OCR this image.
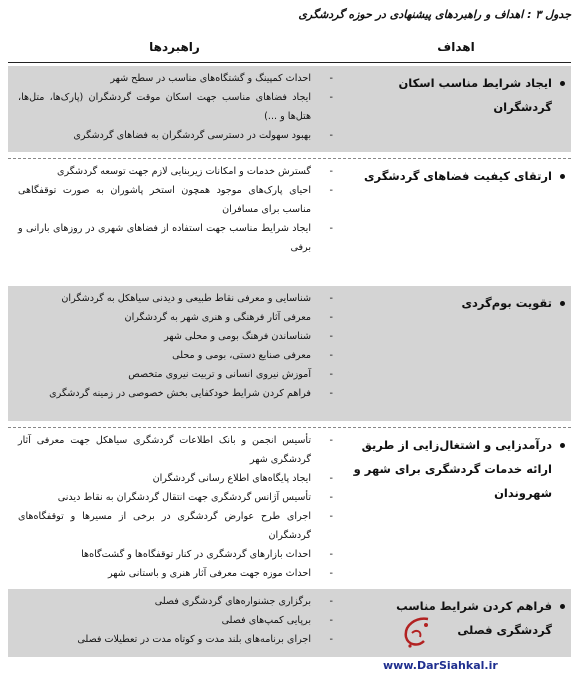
جدول ۳ : اهداف و راهبردهای پیشنهادی در حوزه گردشگری
اهداف
راهبردها
ایجاد شرایط مناسب اسکان گردشگران
-
احداث کمپینگ و گشتگاه‌های مناسب در سطح شهر
-
ایجاد فضاهای مناسب جهت اسکان موقت گردشگران (پارک‌ها، متل‌ها، هتل‌ها و ...)
-
بهبود سهولت در دسترسی گردشگران به فضاهای گردشگری
ارتقای کیفیت فضاهای گردشگری
-
گسترش خدمات و امکانات زیربنایی لازم جهت توسعه گردشگری
-
احیای پارک‌های موجود همچون استخر پاشوران به صورت توقفگاهی مناسب برای مسافران
-
ایجاد شرایط مناسب جهت استفاده از فضاهای شهری در روزهای بارانی و برفی
تقویت بوم‌گردی
-
شناسایی و معرفی نقاط طبیعی و دیدنی سیاهکل به گردشگران
-
معرفی آثار فرهنگی و هنری شهر به گردشگران
-
شناساندن فرهنگ بومی و محلی شهر
-
معرفی صنایع دستی، بومی و محلی
-
آموزش نیروی انسانی و تربیت نیروی متخصص
-
فراهم کردن شرایط خودکفایی بخش خصوصی در زمینه گردشگری
درآمدزایی و اشتغال‌زایی از طریق ارائه خدمات گردشگری برای شهر و شهروندان
-
تأسیس انجمن و بانک اطلاعات گردشگری سیاهکل جهت معرفی آثار گردشگری شهر
-
ایجاد پایگاه‌های اطلاع رسانی گردشگران
-
تأسیس آژانس گردشگری جهت انتقال گردشگران به نقاط دیدنی
-
اجرای طرح عوارض گردشگری در برخی از مسیرها و توقفگاه‌های گردشگران
-
احداث بازارهای گردشگری در کنار توقفگاه‌ها و گشت‌گاه‌ها
-
احداث موزه جهت معرفی آثار هنری و باستانی شهر
فراهم کردن شرایط مناسب گردشگری فصلی
-
برگزاری جشنواره‌های گردشگری فصلی
-
برپایی کمپ‌های فصلی
-
اجرای برنامه‌های بلند مدت و کوتاه مدت در تعطیلات فصلی
www.DarSiahkal.ir
